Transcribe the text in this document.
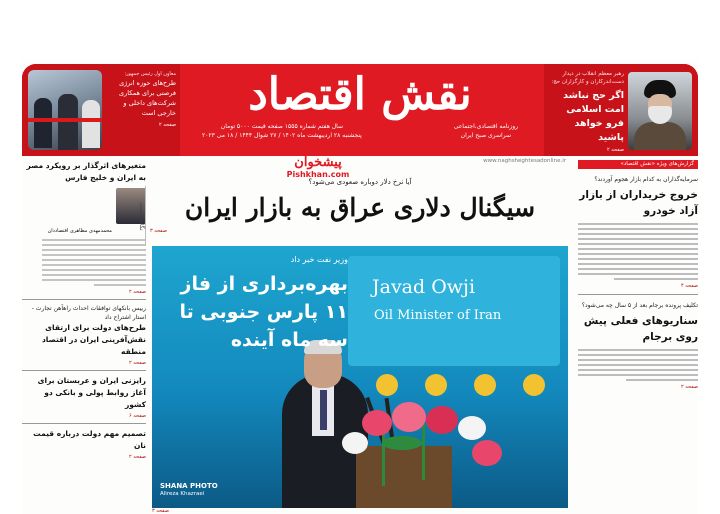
رهبر معظم انقلاب در دیدار دست‌اندرکاران و کارگزاران حج:
اگر حج نباشد امت اسلامی فرو خواهد پاشید
صفحه ۲
نقش اقتصاد
روزنامه اقتصادی،اجتماعی
سراسری صبح ایران
سال هفتم شماره ۱۵۵۵ صفحه قیمت ۵۰۰۰ تومان
پنجشنبه ۲۸ اردیبهشت ماه ۱۴۰۲ / ۲۷ شوال ۱۴۴۴ / ۱۸ می ۲۰۲۳
معاون اول رئیس جمهور:
طرح‌های حوزه انرژی فرصتی برای همکاری شرکت‌های داخلی و خارجی است
صفحه ۲
پیشخوان
Pishkhan.com
www.naghsheghtesadonline.ir
آیا نرخ دلار دوباره صعودی می‌شود؟
سیگنال دلاری عراق به بازار ایران
صفحه ۳
Javad Owji
Oil Minister of Iran
وزیر نفت خبر داد
بهره‌برداری از فاز ۱۱ پارس جنوبی تا سه ماه آینده
SHANA PHOTO
Alireza Khazraei
صفحه ۳
گزارش‌های ویژه «نقش اقتصاد»
سرمایه‌گذاران به کدام بازار هجوم آوردند؟
خروج خریداران از بازار آزاد خودرو
صفحه ۴
تکلیف پرونده برجام بعد از ۵ سال چه می‌شود؟
سناریوهای فعلی پیش روی برجام
صفحه ۲
متغیرهای اثرگذار بر رویکرد مصر به ایران و خلیج فارس
محمدمهدی مظاهری اقتصاددان
نگاه نخست
صفحه ۲
رییس بانکهای توافقات احداث راهآهن تجارت - استار اشتراح داد
طرح‌های دولت برای ارتقای نقش‌آفرینی ایران در اقتصاد منطقه
صفحه ۲
رایزنی ایران و عربستان برای آغاز روابط پولی و بانکی دو کشور
صفحه ۶
تصمیم مهم دولت درباره قیمت نان
صفحه ۲
